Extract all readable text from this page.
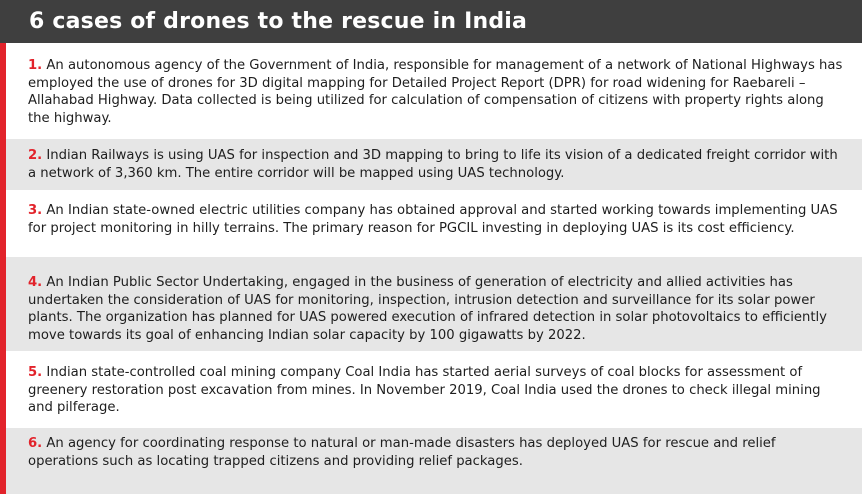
6 cases of drones to the rescue in India
1. An autonomous agency of the Government of India, responsible for management of a network of National Highways has employed the use of drones for 3D digital mapping for Detailed Project Report (DPR) for road widening for Raebareli – Allahabad Highway. Data collected is being utilized for calculation of compensation of citizens with property rights along the highway.
2. Indian Railways is using UAS for inspection and 3D mapping to bring to life its vision of a dedicated freight corridor with a network of 3,360 km. The entire corridor will be mapped using UAS technology.
3. An Indian state-owned electric utilities company has obtained approval and started working towards implementing UAS for project monitoring in hilly terrains. The primary reason for PGCIL investing in deploying UAS is its cost efficiency.
4. An Indian Public Sector Undertaking, engaged in the business of generation of electricity and allied activities has undertaken the consideration of UAS for monitoring, inspection, intrusion detection and surveillance for its solar power plants. The organization has planned for UAS powered execution of infrared detection in solar photovoltaics to efficiently move towards its goal of enhancing Indian solar capacity by 100 gigawatts by 2022.
5. Indian state-controlled coal mining company Coal India has started aerial surveys of coal blocks for assessment of greenery restoration post excavation from mines. In November 2019, Coal India used the drones to check illegal mining and pilferage.
6. An agency for coordinating response to natural or man-made disasters has deployed UAS for rescue and relief operations such as locating trapped citizens and providing relief packages.
